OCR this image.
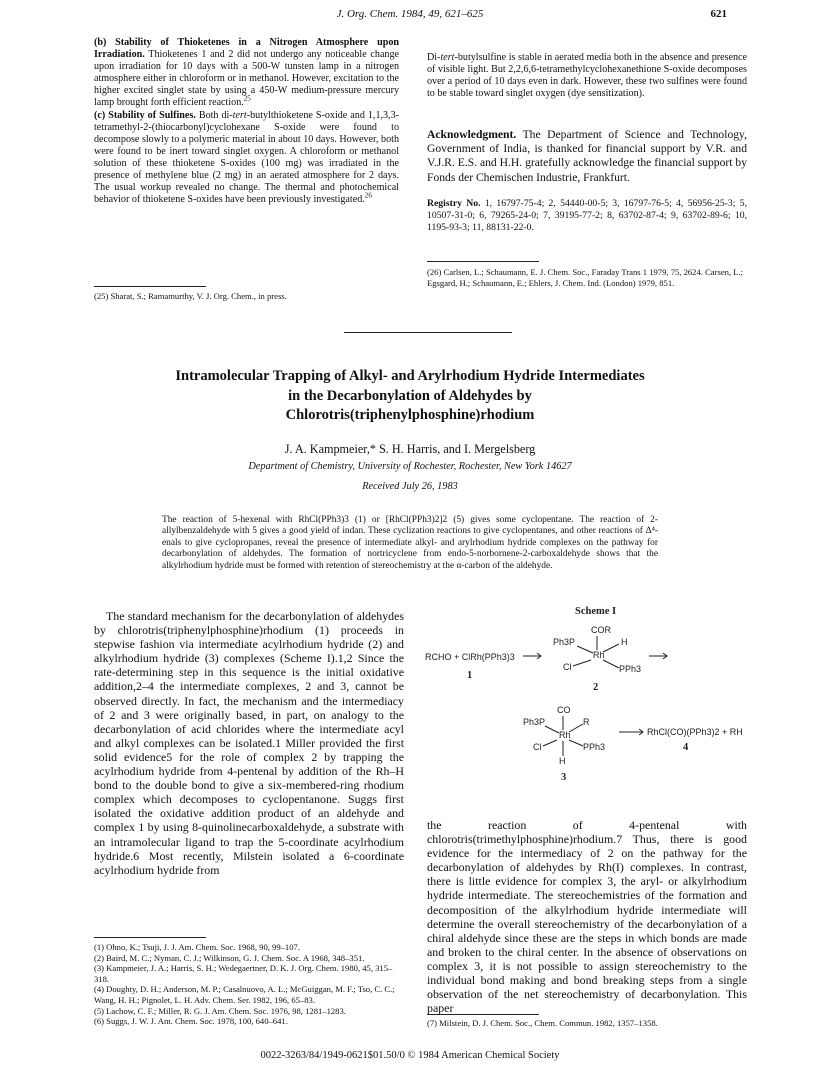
J. Org. Chem. 1984, 49, 621–625	621

(b) Stability of Thioketenes in a Nitrogen Atmosphere upon Irradiation. Thioketenes 1 and 2 did not undergo any noticeable change upon irradiation for 10 days with a 500-W tunsten lamp in a nitrogen atmosphere either in chloroform or in methanol. However, excitation to the higher excited singlet state by using a 450-W medium-pressure mercury lamp brought forth efficient reaction.$^{25}$

(c) Stability of Sulfines. Both di-tert-butylthioketene S-oxide and 1,1,3,3-tetramethyl-2-(thiocarbonyl)cyclohexane S-oxide were found to decompose slowly to a polymeric material in about 10 days. However, both were found to be inert toward singlet oxygen. A chloroform or methanol solution of these thioketene S-oxides (100 mg) was irradiated in the presence of methylene blue (2 mg) in an aerated atmosphere for 2 days. The usual workup revealed no change. The thermal and photochemical behavior of thioketene S-oxides have been previously investigated.$^{26}$

(25) Sharat, S.; Ramamurthy, V. J. Org. Chem., in press.

Di-tert-butylsulfine is stable in aerated media both in the absence and presence of visible light. But 2,2,6,6-tetramethylcyclohexanethione S-oxide decomposes over a period of 10 days even in dark. However, these two sulfines were found to be stable toward singlet oxygen (dye sensitization).

Acknowledgment. The Department of Science and Technology, Government of India, is thanked for financial support by V.R. and V.J.R. E.S. and H.H. gratefully acknowledge the financial support by Fonds der Chemischen Industrie, Frankfurt.
Registry No. 1, 16797-75-4; 2, 54440-00-5; 3, 16797-76-5; 4, 56956-25-3; 5, 10507-31-0; 6, 79265-24-0; 7, 39195-77-2; 8, 63702-87-4; 9, 63702-89-6; 10, 1195-93-3; 11, 88131-22-0.
(26) Carlsen, L.; Schaumann, E. J. Chem. Soc., Faraday Trans 1 1979, 75, 2624. Carsen, L.; Egsgard, H.; Schaumann, E.; Ehlers, J. Chem. Ind. (London) 1979, 851.
Intramolecular Trapping of Alkyl- and Arylrhodium Hydride Intermediates
in the Decarbonylation of Aldehydes by
Chlorotris(triphenylphosphine)rhodium
J. A. Kampmeier,* S. H. Harris, and I. Mergelsberg
Department of Chemistry, University of Rochester, Rochester, New York 14627
Received July 26, 1983
The reaction of 5-hexenal with RhCl(PPh3)3 (1) or [RhCl(PPh3)2]2 (5) gives some cyclopentane. The reaction of 2-allylbenzaldehyde with 5 gives a good yield of indan. These cyclization reactions to give cyclopentanes, and other reactions of Δ⁴-enals to give cyclopropanes, reveal the presence of intermediate alkyl- and arylrhodium hydride complexes on the pathway for decarbonylation of aldehydes. The formation of nortricyclene from endo-5-norbornene-2-carboxaldehyde shows that the alkylrhodium hydride must be formed with retention of stereochemistry at the α-carbon of the aldehyde.
The standard mechanism for the decarbonylation of aldehydes by chlorotris(triphenylphosphine)rhodium (1) proceeds in stepwise fashion via intermediate acylrhodium hydride (2) and alkylrhodium hydride (3) complexes (Scheme I).1,2 Since the rate-determining step in this sequence is the initial oxidative addition,2–4 the intermediate complexes, 2 and 3, cannot be observed directly. In fact, the mechanism and the intermediacy of 2 and 3 were originally based, in part, on analogy to the decarbonylation of acid chlorides where the intermediate acyl and alkyl complexes can be isolated.1 Miller provided the first solid evidence5 for the role of complex 2 by trapping the acylrhodium hydride from 4-pentenal by addition of the Rh–H bond to the double bond to give a six-membered-ring rhodium complex which decomposes to cyclopentanone. Suggs first isolated the oxidative addition product of an aldehyde and complex 1 by using 8-quinolinecarboxaldehyde, a substrate with an intramolecular ligand to trap the 5-coordinate acylrhodium hydride.6 Most recently, Milstein isolated a 6-coordinate acylrhodium hydride from
(1) Ohno, K.; Tsuji, J. J. Am. Chem. Soc. 1968, 90, 99–107.
(2) Baird, M. C.; Nyman, C. J.; Wilkinson, G. J. Chem. Soc. A 1968, 348–351.
(3) Kampmeier, J. A.; Harris, S. H.; Wedegaertner, D. K. J. Org. Chem. 1980, 45, 315–318.
(4) Doughty, D. H.; Anderson, M. P.; Casalnuovo, A. L.; McGuiggan, M. F.; Tso, C. C.; Wang, H. H.; Pignolet, L. H. Adv. Chem. Ser. 1982, 196, 65–83.
(5) Lachow, C. F.; Miller, R. G. J. Am. Chem. Soc. 1976, 98, 1281–1283.
(6) Suggs, J. W. J. Am. Chem. Soc. 1978, 100, 640–641.
Scheme I
COR
Ph3P	H
Rh
Cl	PPh3
RCHO + ClRh(PPh3)3
1
2
CO
Ph3P	R
Rh
Cl	PPh3
H
RhCl(CO)(PPh3)2 + RH
3
4
the reaction of 4-pentenal with chlorotris(trimethylphosphine)rhodium.7 Thus, there is good evidence for the intermediacy of 2 on the pathway for the decarbonylation of aldehydes by Rh(I) complexes. In contrast, there is little evidence for complex 3, the aryl- or alkylrhodium hydride intermediate. The stereochemistries of the formation and decomposition of the alkylrhodium hydride intermediate will determine the overall stereochemistry of the decarbonylation of a chiral aldehyde since these are the steps in which bonds are made and broken to the chiral center. In the absence of observations on complex 3, it is not possible to assign stereochemistry to the individual bond making and bond breaking steps from a single observation of the net stereochemistry of decarbonylation. This paper
(7) Milstein, D. J. Chem. Soc., Chem. Commun. 1982, 1357–1358.
0022-3263/84/1949-0621$01.50/0 © 1984 American Chemical Society
